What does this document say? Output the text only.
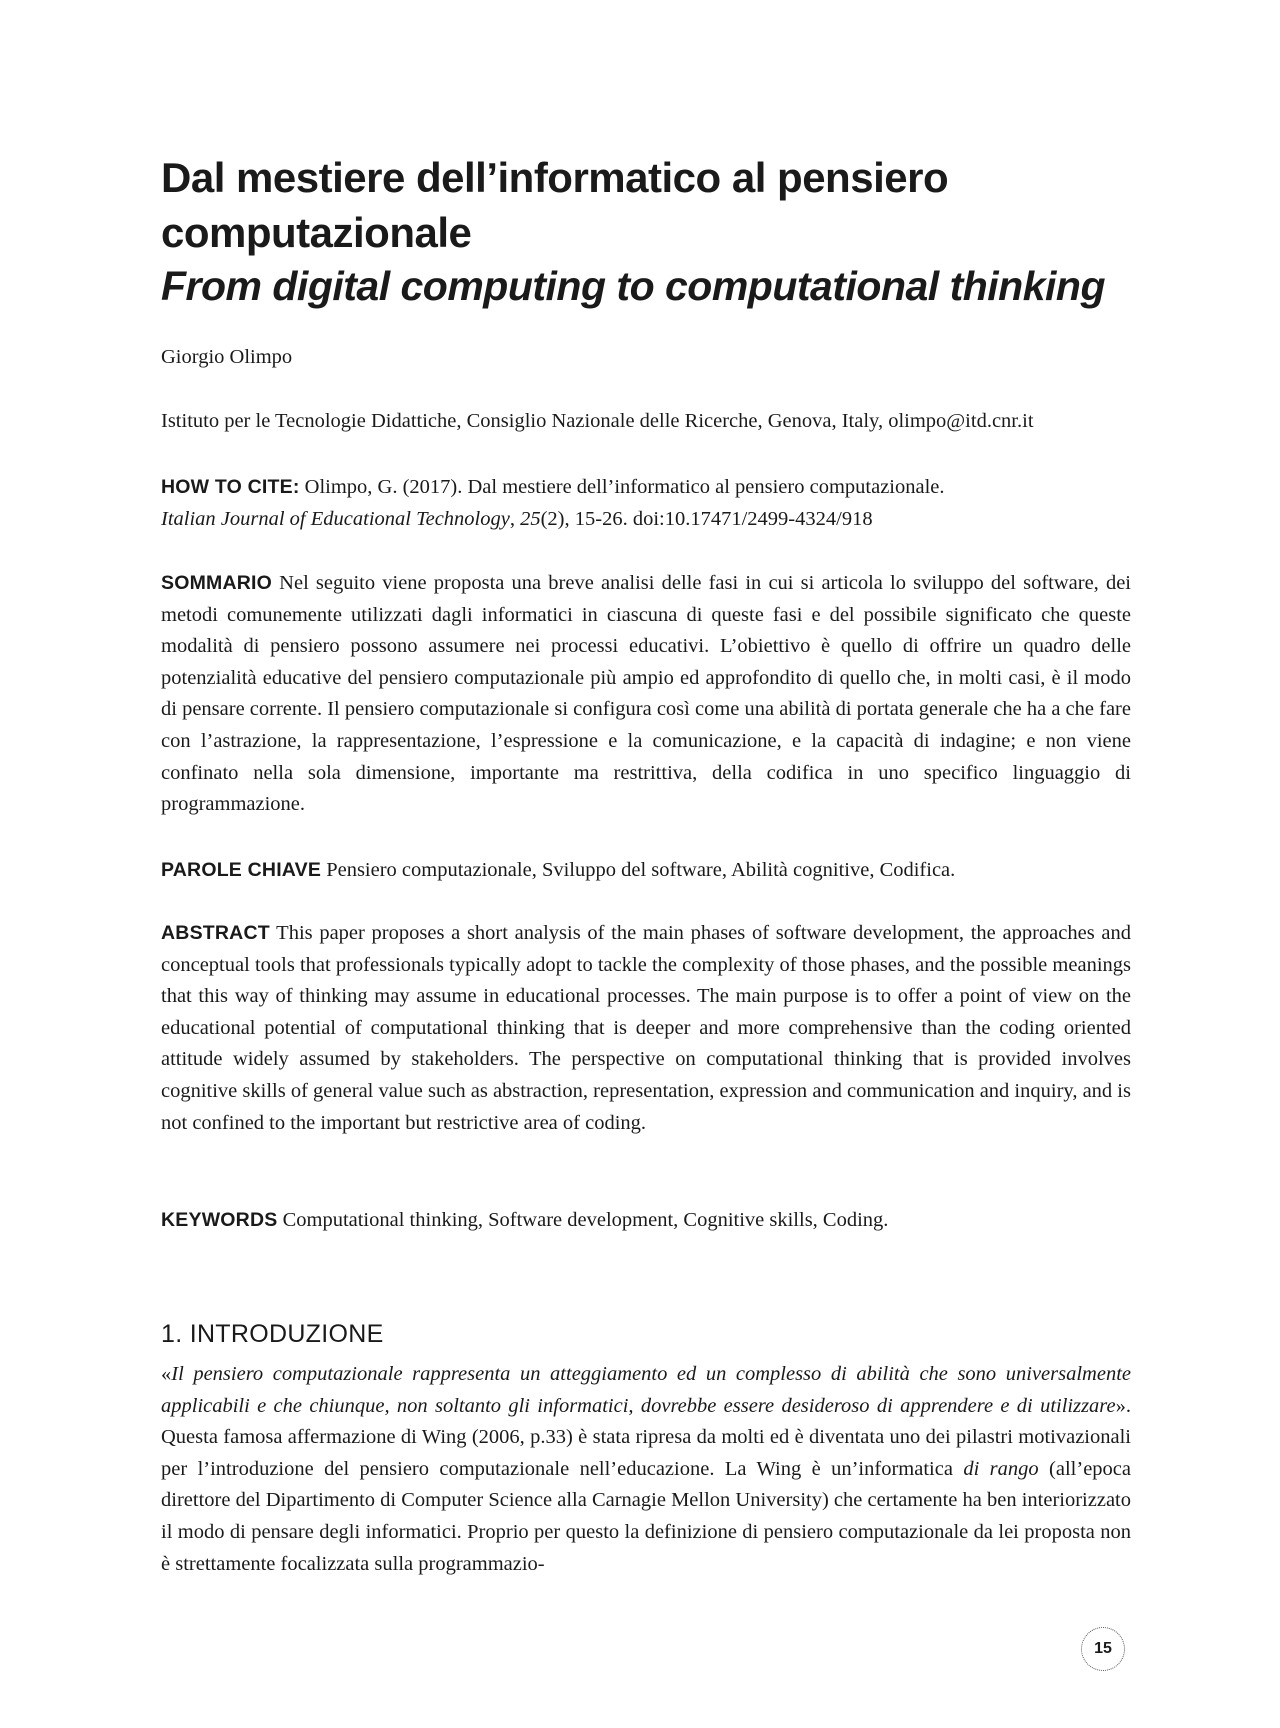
Dal mestiere dell’informatico al pensiero
computazionale
From digital computing to computational thinking

Giorgio Olimpo

Istituto per le Tecnologie Didattiche, Consiglio Nazionale delle Ricerche, Genova, Italy, olimpo@itd.cnr.it

HOW TO CITE: Olimpo, G. (2017). Dal mestiere dell’informatico al pensiero computazionale.
Italian Journal of Educational Technology, 25(2), 15-26. doi:10.17471/2499-4324/918

SOMMARIO Nel seguito viene proposta una breve analisi delle fasi in cui si articola lo sviluppo del software, dei metodi comunemente utilizzati dagli informatici in ciascuna di queste fasi e del possibile significato che queste modalità di pensiero possono assumere nei processi educativi. L’obiettivo è quello di offrire un quadro delle potenzialità educative del pensiero computazionale più ampio ed approfondito di quello che, in molti casi, è il modo di pensare corrente. Il pensiero computazionale si configura così come una abilità di portata generale che ha a che fare con l’astrazione, la rappresentazione, l’espressione e la comunicazione, e la capacità di indagine; e non viene confinato nella sola dimensione, importante ma restrittiva, della codifica in uno specifico linguaggio di programmazione.

PAROLE CHIAVE Pensiero computazionale, Sviluppo del software, Abilità cognitive, Codifica.

ABSTRACT This paper proposes a short analysis of the main phases of software development, the approaches and conceptual tools that professionals typically adopt to tackle the complexity of those phases, and the possible meanings that this way of thinking may assume in educational processes. The main purpose is to offer a point of view on the educational potential of computational thinking that is deeper and more comprehensive than the coding oriented attitude widely assumed by stakeholders. The perspective on computational thinking that is provided involves cognitive skills of general value such as abstraction, representation, expression and communication and inquiry, and is not confined to the important but restrictive area of coding.

KEYWORDS Computational thinking, Software development, Cognitive skills, Coding.

1. INTRODUZIONE

«Il pensiero computazionale rappresenta un atteggiamento ed un complesso di abilità che sono universalmente applicabili e che chiunque, non soltanto gli informatici, dovrebbe essere desideroso di apprendere e di utilizzare». Questa famosa affermazione di Wing (2006, p.33) è stata ripresa da molti ed è diventata uno dei pilastri motivazionali per l’introduzione del pensiero computazionale nell’educazione. La Wing è un’informatica di rango (all’epoca direttore del Dipartimento di Computer Science alla Carnagie Mellon University) che certamente ha ben interiorizzato il modo di pensare degli informatici. Proprio per questo la definizione di pensiero computazionale da lei proposta non è strettamente focalizzata sulla programmazio-

15
